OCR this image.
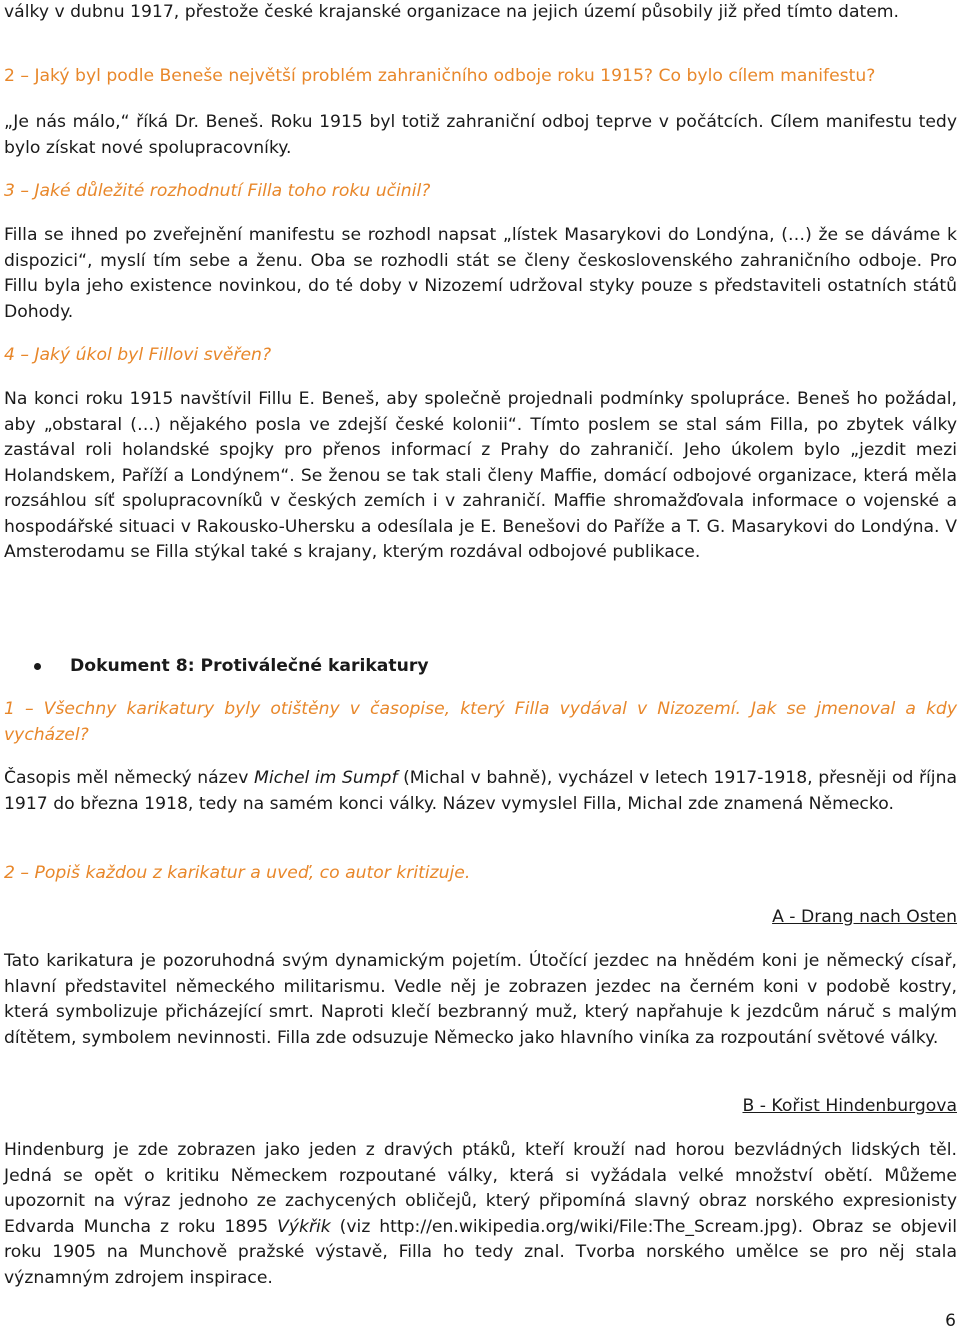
války v dubnu 1917, přestože české krajanské organizace na jejich území působily již před tímto datem.

2 – Jaký byl podle Beneše největší problém zahraničního odboje roku 1915? Co bylo cílem manifestu?

„Je nás málo,“ říká Dr. Beneš. Roku 1915 byl totiž zahraniční odboj teprve v počátcích. Cílem manifestu tedy bylo získat nové spolupracovníky.

3 – Jaké důležité rozhodnutí Filla toho roku učinil?

Filla se ihned po zveřejnění manifestu se rozhodl napsat „lístek Masarykovi do Londýna, (…) že se dáváme k dispozici“, myslí tím sebe a ženu. Oba se rozhodli stát se členy československého zahraničního odboje. Pro Fillu byla jeho existence novinkou, do té doby v Nizozemí udržoval styky pouze s představiteli ostatních států Dohody.

4 – Jaký úkol byl Fillovi svěřen?

Na konci roku 1915 navštívil Fillu E. Beneš, aby společně projednali podmínky spolupráce. Beneš ho požádal, aby „obstaral (…) nějakého posla ve zdejší české kolonii“. Tímto poslem se stal sám Filla, po zbytek války zastával roli holandské spojky pro přenos informací z Prahy do zahraničí. Jeho úkolem bylo „jezdit mezi Holandskem, Paříží a Londýnem“. Se ženou se tak stali členy Maffie, domácí odbojové organizace, která měla rozsáhlou síť spolupracovníků v českých zemích i v zahraničí. Maffie shromažďovala informace o vojenské a hospodářské situaci v Rakousko-Uhersku a odesílala je E. Benešovi do Paříže a T. G. Masarykovi do Londýna. V Amsterodamu se Filla stýkal také s krajany, kterým rozdával odbojové publikace.

Dokument 8: Protiválečné karikatury

1 – Všechny karikatury byly otištěny v časopise, který Filla vydával v Nizozemí. Jak se jmenoval a kdy vycházel?

Časopis měl německý název Michel im Sumpf (Michal v bahně), vycházel v letech 1917-1918, přesněji od října 1917 do března 1918, tedy na samém konci války. Název vymyslel Filla, Michal zde znamená Německo.

2 – Popiš každou z karikatur a uveď, co autor kritizuje.

A - Drang nach Osten

Tato karikatura je pozoruhodná svým dynamickým pojetím. Útočící jezdec na hnědém koni je německý císař, hlavní představitel německého militarismu. Vedle něj je zobrazen jezdec na černém koni v podobě kostry, která symbolizuje přicházející smrt. Naproti klečí bezbranný muž, který napřahuje k jezdcům náruč s malým dítětem, symbolem nevinnosti. Filla zde odsuzuje Německo jako hlavního viníka za rozpoutání světové války.

B - Kořist Hindenburgova

Hindenburg je zde zobrazen jako jeden z dravých ptáků, kteří krouží nad horou bezvládných lidských těl. Jedná se opět o kritiku Německem rozpoutané války, která si vyžádala velké množství obětí. Můžeme upozornit na výraz jednoho ze zachycených obličejů, který připomíná slavný obraz norského expresionisty Edvarda Muncha z roku 1895 Výkřik (viz http://en.wikipedia.org/wiki/File:The_Scream.jpg). Obraz se objevil roku 1905 na Munchově pražské výstavě, Filla ho tedy znal. Tvorba norského umělce se pro něj stala významným zdrojem inspirace.

6
